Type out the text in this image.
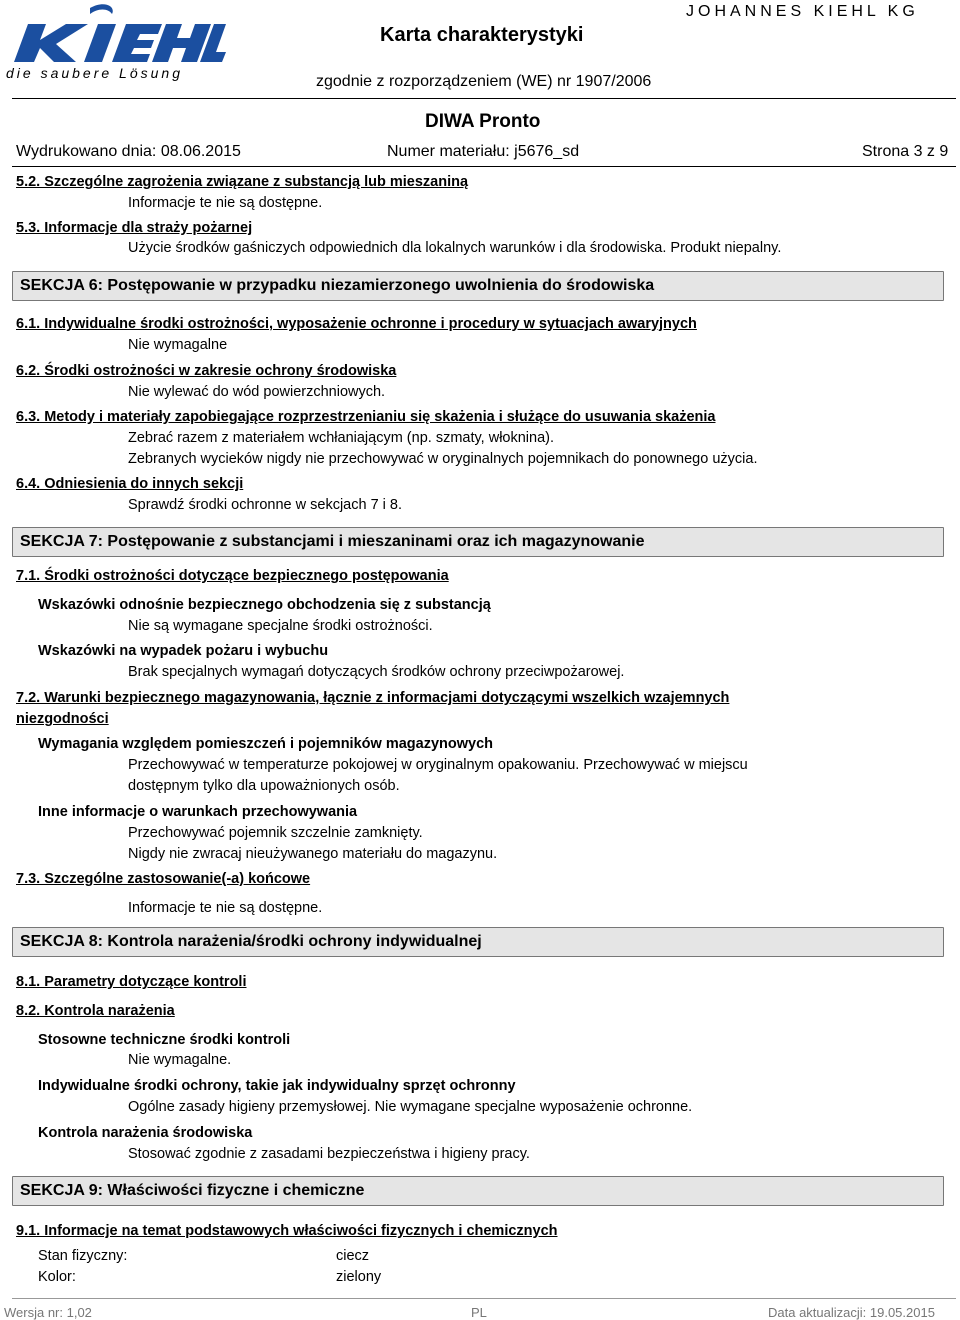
die saubere Lösung
Karta charakterystyki
JOHANNES KIEHL KG
zgodnie z rozporządzeniem (WE) nr 1907/2006
DIWA Pronto
Wydrukowano dnia: 08.06.2015	Numer materiału: j5676_sd	Strona 3 z 9
5.2. Szczególne zagrożenia związane z substancją lub mieszaniną
Informacje te nie są dostępne.
5.3. Informacje dla straży pożarnej
Użycie środków gaśniczych odpowiednich dla lokalnych warunków i dla środowiska. Produkt niepalny.
SEKCJA 6: Postępowanie w przypadku niezamierzonego uwolnienia do środowiska
6.1. Indywidualne środki ostrożności, wyposażenie ochronne i procedury w sytuacjach awaryjnych
Nie wymagalne
6.2. Środki ostrożności w zakresie ochrony środowiska
Nie wylewać do wód powierzchniowych.
6.3. Metody i materiały zapobiegające rozprzestrzenianiu się skażenia i służące do usuwania skażenia
Zebrać razem z materiałem wchłaniającym (np. szmaty, włoknina).
Zebranych wycieków nigdy nie przechowywać w oryginalnych pojemnikach do ponownego użycia.
6.4. Odniesienia do innych sekcji
Sprawdź środki ochronne w sekcjach 7 i 8.
SEKCJA 7: Postępowanie z substancjami i mieszaninami oraz ich magazynowanie
7.1. Środki ostrożności dotyczące bezpiecznego postępowania
Wskazówki odnośnie bezpiecznego obchodzenia się z substancją
Nie są wymagane specjalne środki ostrożności.
Wskazówki na wypadek pożaru i wybuchu
Brak specjalnych wymagań dotyczących środków ochrony przeciwpożarowej.
7.2. Warunki bezpiecznego magazynowania, łącznie z informacjami dotyczącymi wszelkich wzajemnych
niezgodności
Wymagania względem pomieszczeń i pojemników magazynowych
Przechowywać w temperaturze pokojowej w oryginalnym opakowaniu. Przechowywać w miejscu
dostępnym tylko dla upoważnionych osób.
Inne informacje o warunkach przechowywania
Przechowywać pojemnik szczelnie zamknięty.
Nigdy nie zwracaj nieużywanego materiału do magazynu.
7.3. Szczególne zastosowanie(-a) końcowe
Informacje te nie są dostępne.
SEKCJA 8: Kontrola narażenia/środki ochrony indywidualnej
8.1. Parametry dotyczące kontroli
8.2. Kontrola narażenia
Stosowne techniczne środki kontroli
Nie wymagalne.
Indywidualne środki ochrony, takie jak indywidualny sprzęt ochronny
Ogólne zasady higieny przemysłowej. Nie wymagane specjalne wyposażenie ochronne.
Kontrola narażenia środowiska
Stosować zgodnie z zasadami bezpieczeństwa i higieny pracy.
SEKCJA 9: Właściwości fizyczne i chemiczne
9.1. Informacje na temat podstawowych właściwości fizycznych i chemicznych
Stan fizyczny:	ciecz
Kolor:	zielony
Wersja nr: 1,02	PL	Data aktualizacji: 19.05.2015
